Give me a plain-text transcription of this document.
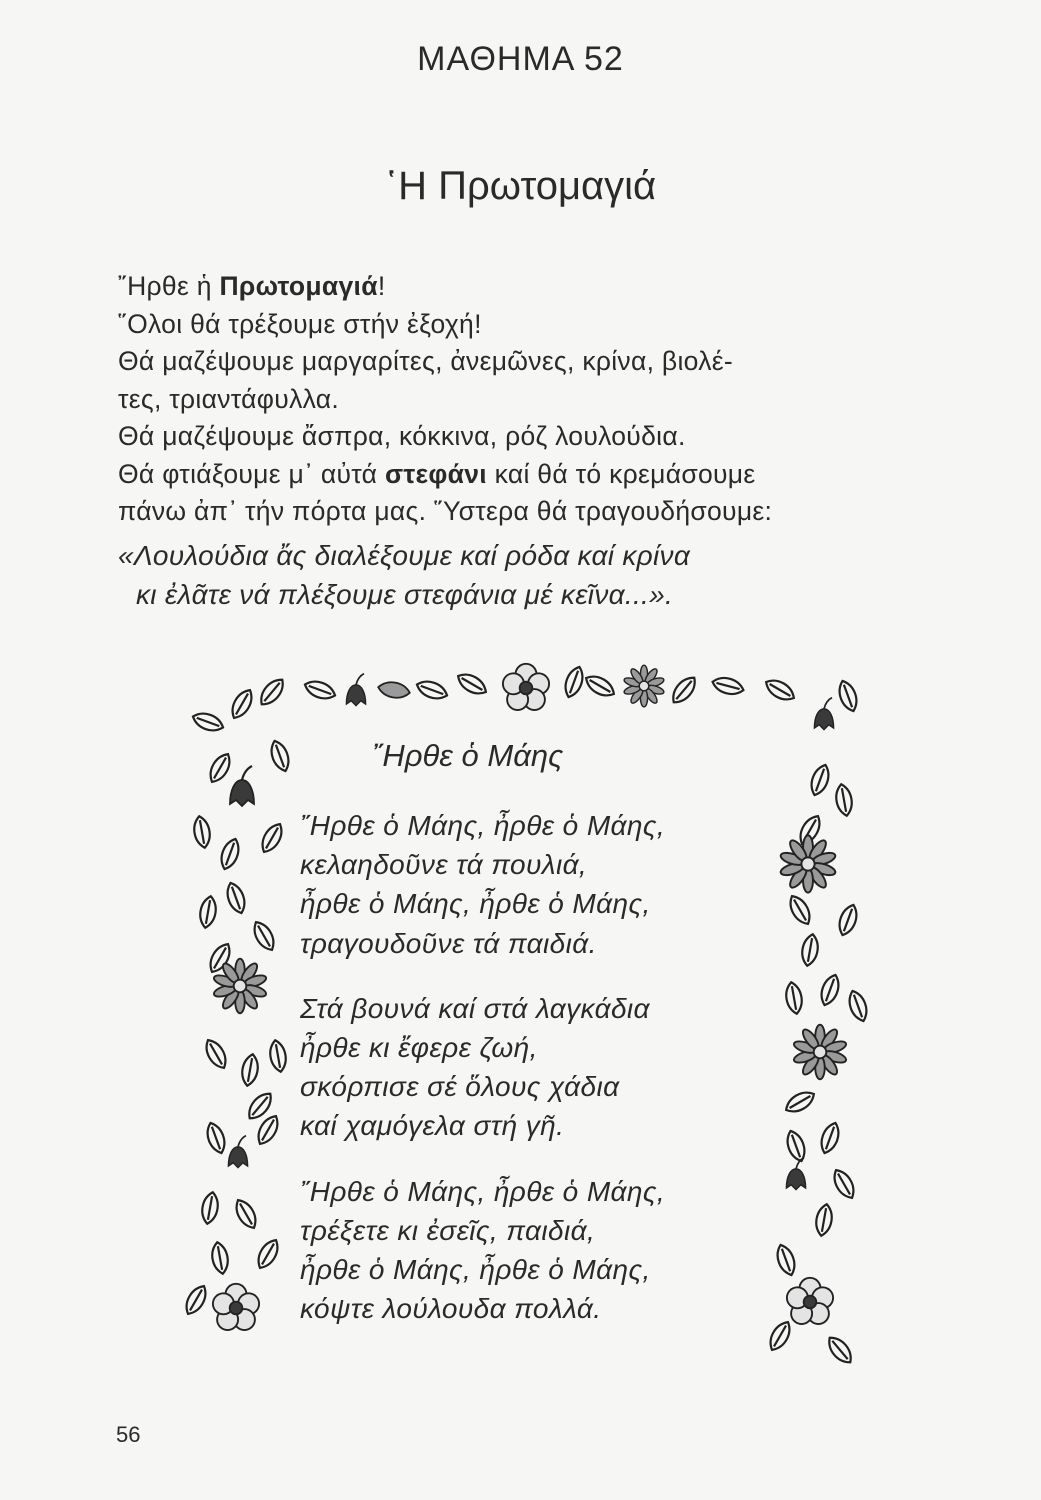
ΜΑΘΗΜΑ 52
῾Η Πρωτομαγιά
῎Ηρθε ἡ Πρωτομαγιά!
῞Ολοι θά τρέξουμε στήν ἐξοχή!
Θά μαζέψουμε μαργαρίτες, ἀνεμῶνες, κρίνα, βιολέ-
τες, τριαντάφυλλα.
Θά μαζέψουμε ἄσπρα, κόκκινα, ρόζ λουλούδια.
Θά φτιάξουμε μ᾿ αὐτά στεφάνι καί θά τό κρεμάσουμε
πάνω ἀπ᾿ τήν πόρτα μας. ῞Υστερα θά τραγουδήσουμε:
«Λουλούδια ἄς διαλέξουμε καί ρόδα καί κρίνα
κι ἐλᾶτε νά πλέξουμε στεφάνια μέ κεῖνα...».
῎Ηρθε ὁ Μάης
῎Ηρθε ὁ Μάης, ἦρθε ὁ Μάης,
κελαηδοῦνε τά πουλιά,
ἦρθε ὁ Μάης, ἦρθε ὁ Μάης,
τραγουδοῦνε τά παιδιά.
Στά βουνά καί στά λαγκάδια
ἦρθε κι ἔφερε ζωή,
σκόρπισε σέ ὅλους χάδια
καί χαμόγελα στή γῆ.
῎Ηρθε ὁ Μάης, ἦρθε ὁ Μάης,
τρέξετε κι ἐσεῖς, παιδιά,
ἦρθε ὁ Μάης, ἦρθε ὁ Μάης,
κόψτε λούλουδα πολλά.
56
